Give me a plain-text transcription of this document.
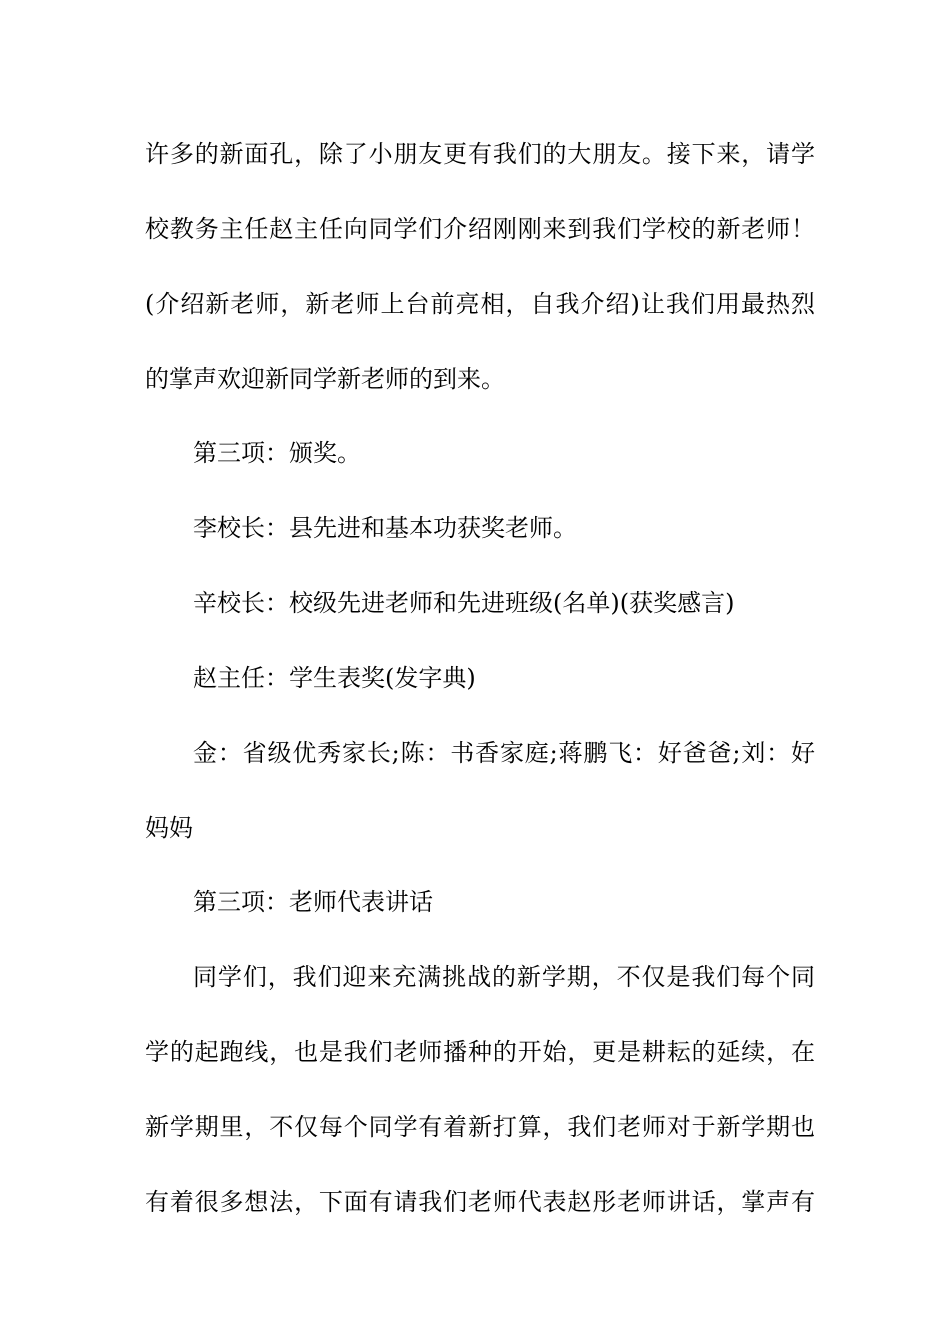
许多的新面孔，除了小朋友更有我们的大朋友。接下来，请学
校教务主任赵主任向同学们介绍刚刚来到我们学校的新老师！
(介绍新老师，新老师上台前亮相，自我介绍)让我们用最热烈
的掌声欢迎新同学新老师的到来。
第三项：颁奖。
李校长：县先进和基本功获奖老师。
辛校长：校级先进老师和先进班级(名单)(获奖感言)
赵主任：学生表奖(发字典)
金：省级优秀家长;陈：书香家庭;蒋鹏飞：好爸爸;刘：好
妈妈
第三项：老师代表讲话
同学们，我们迎来充满挑战的新学期，不仅是我们每个同
学的起跑线，也是我们老师播种的开始，更是耕耘的延续，在
新学期里，不仅每个同学有着新打算，我们老师对于新学期也
有着很多想法，下面有请我们老师代表赵彤老师讲话，掌声有
